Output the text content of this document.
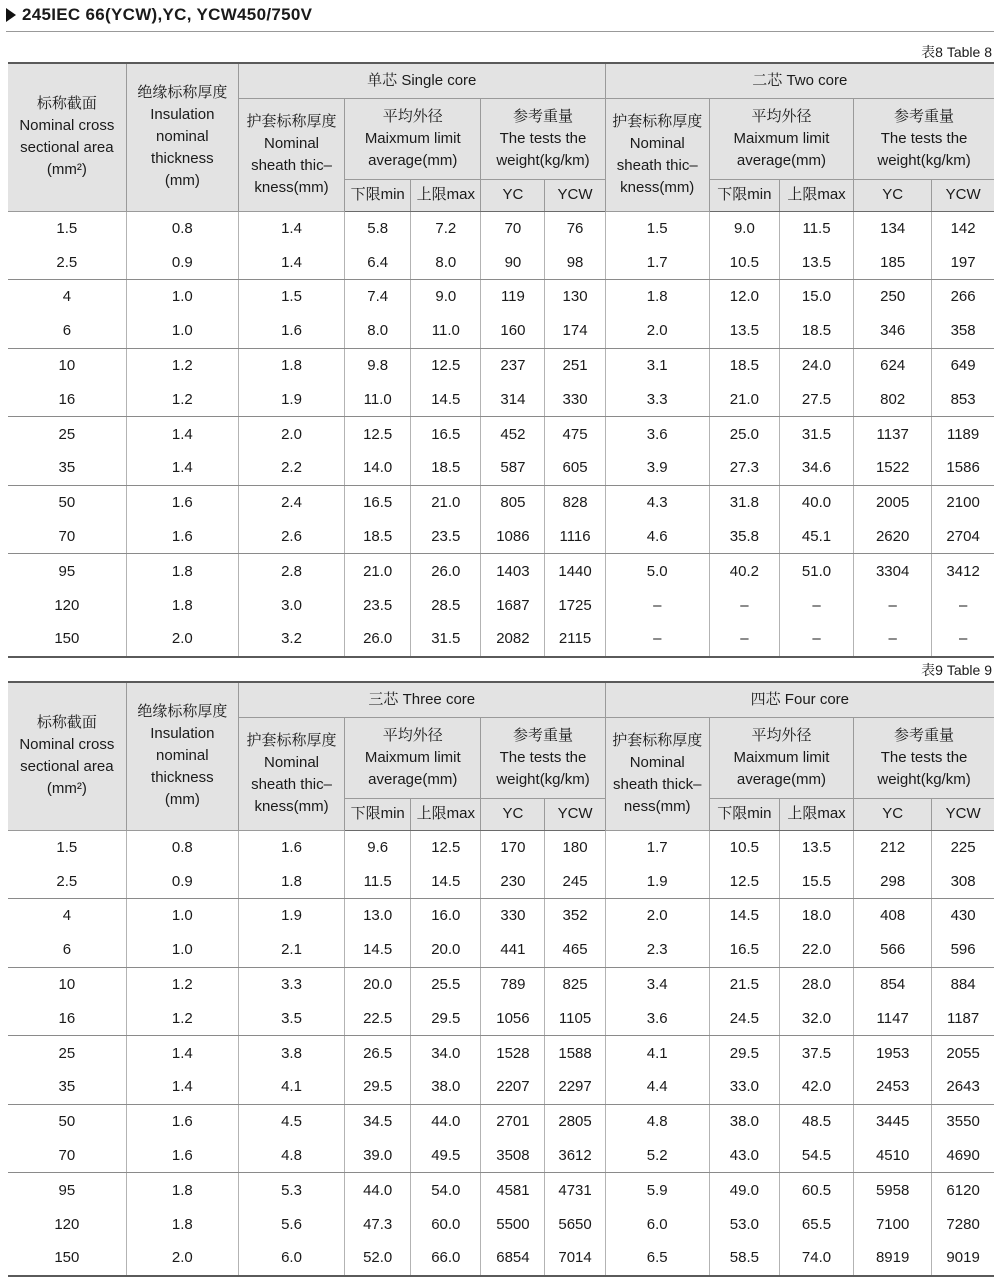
245IEC 66(YCW),YC, YCW450/750V
表8 Table 8
标称截面
Nominal cross
sectional area
(mm²)	绝缘标称厚度
Insulation
nominal
thickness
(mm)	单芯 Single core					二芯 Two core				

		护套标称厚度
Nominal
sheath thic–
kness(mm)	平均外径
Maixmum limit
average(mm)		参考重量
The tests the
weight(kg/km)		护套标称厚度
Nominal
sheath thic–
kness(mm)	平均外径
Maixmum limit
average(mm)		参考重量
The tests the
weight(kg/km)	

			下限min	上限max	YC	YCW		下限min	上限max	YC	YCW
1.5	0.8	1.4	5.8	7.2	70	76	1.5	9.0	11.5	134	142
2.5	0.9	1.4	6.4	8.0	90	98	1.7	10.5	13.5	185	197
4	1.0	1.5	7.4	9.0	119	130	1.8	12.0	15.0	250	266
6	1.0	1.6	8.0	11.0	160	174	2.0	13.5	18.5	346	358
10	1.2	1.8	9.8	12.5	237	251	3.1	18.5	24.0	624	649
16	1.2	1.9	11.0	14.5	314	330	3.3	21.0	27.5	802	853
25	1.4	2.0	12.5	16.5	452	475	3.6	25.0	31.5	1137	1189
35	1.4	2.2	14.0	18.5	587	605	3.9	27.3	34.6	1522	1586
50	1.6	2.4	16.5	21.0	805	828	4.3	31.8	40.0	2005	2100
70	1.6	2.6	18.5	23.5	1086	1116	4.6	35.8	45.1	2620	2704
95	1.8	2.8	21.0	26.0	1403	1440	5.0	40.2	51.0	3304	3412
120	1.8	3.0	23.5	28.5	1687	1725	–	–	–	–	–
150	2.0	3.2	26.0	31.5	2082	2115	–	–	–	–	–
表9 Table 9
标称截面
Nominal cross
sectional area
(mm²)	绝缘标称厚度
Insulation
nominal
thickness
(mm)	三芯 Three core					四芯 Four core				

		护套标称厚度
Nominal
sheath thic–
kness(mm)	平均外径
Maixmum limit
average(mm)		参考重量
The tests the
weight(kg/km)		护套标称厚度
Nominal
sheath thick–
ness(mm)	平均外径
Maixmum limit
average(mm)		参考重量
The tests the
weight(kg/km)	

			下限min	上限max	YC	YCW		下限min	上限max	YC	YCW
1.5	0.8	1.6	9.6	12.5	170	180	1.7	10.5	13.5	212	225
2.5	0.9	1.8	11.5	14.5	230	245	1.9	12.5	15.5	298	308
4	1.0	1.9	13.0	16.0	330	352	2.0	14.5	18.0	408	430
6	1.0	2.1	14.5	20.0	441	465	2.3	16.5	22.0	566	596
10	1.2	3.3	20.0	25.5	789	825	3.4	21.5	28.0	854	884
16	1.2	3.5	22.5	29.5	1056	1105	3.6	24.5	32.0	1147	1187
25	1.4	3.8	26.5	34.0	1528	1588	4.1	29.5	37.5	1953	2055
35	1.4	4.1	29.5	38.0	2207	2297	4.4	33.0	42.0	2453	2643
50	1.6	4.5	34.5	44.0	2701	2805	4.8	38.0	48.5	3445	3550
70	1.6	4.8	39.0	49.5	3508	3612	5.2	43.0	54.5	4510	4690
95	1.8	5.3	44.0	54.0	4581	4731	5.9	49.0	60.5	5958	6120
120	1.8	5.6	47.3	60.0	5500	5650	6.0	53.0	65.5	7100	7280
150	2.0	6.0	52.0	66.0	6854	7014	6.5	58.5	74.0	8919	9019
